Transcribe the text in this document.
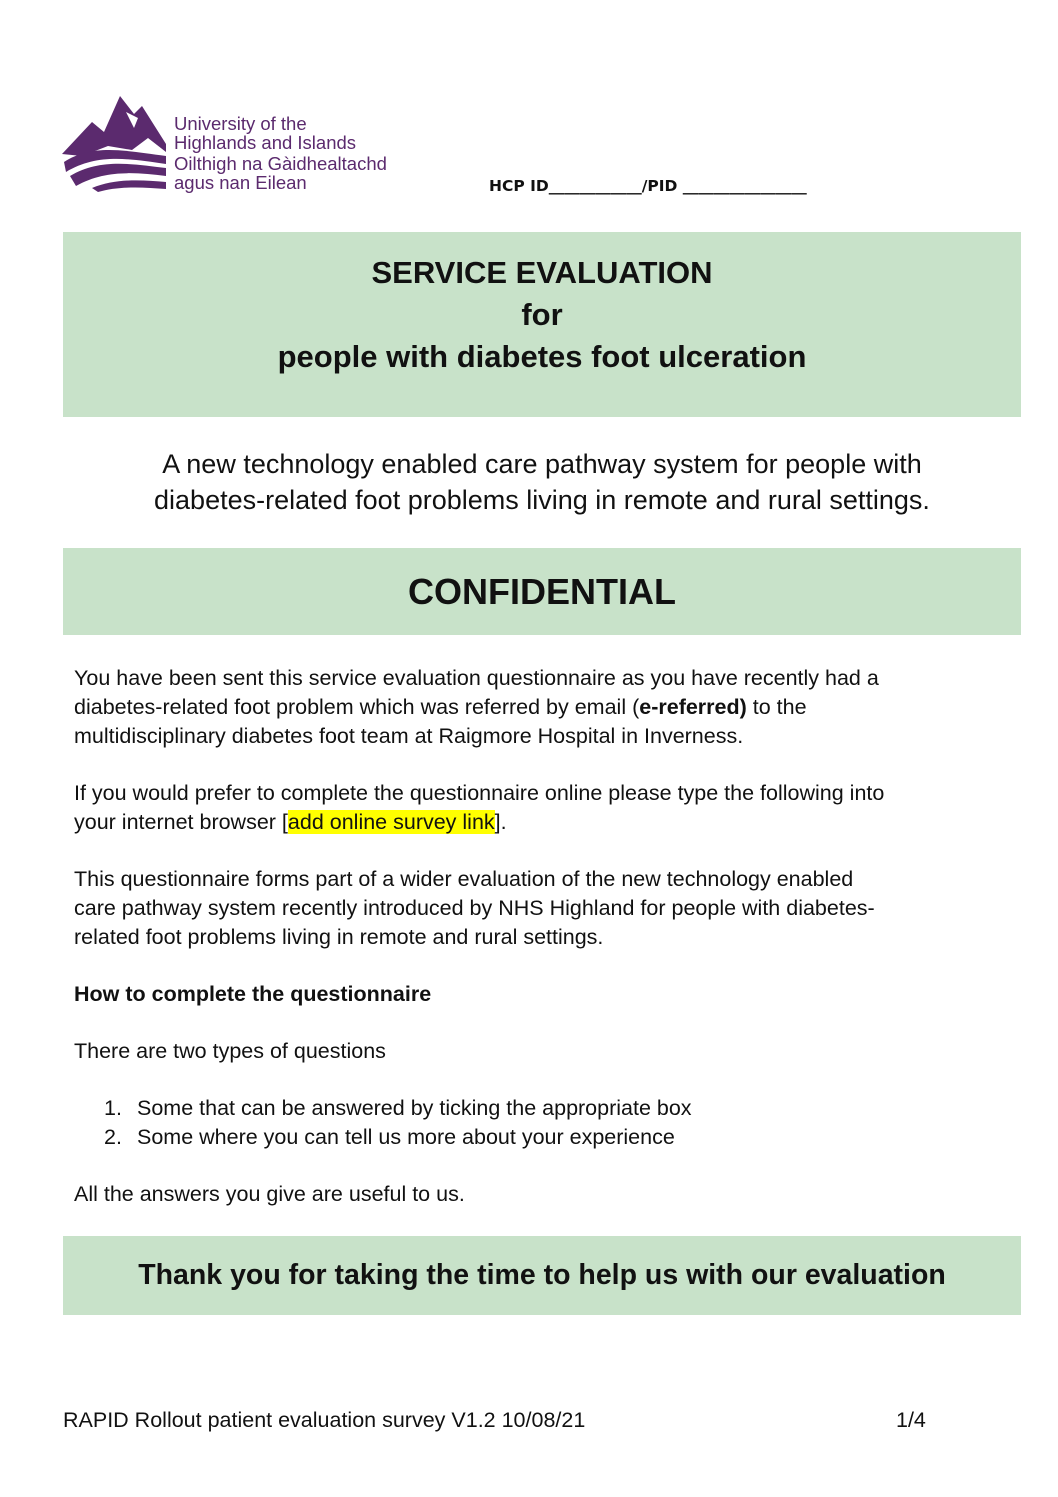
University of the
Highlands and Islands
Oilthigh na Gàidhealtachd
agus nan Eilean	HCP ID____________/PID ________________
SERVICE EVALUATION
for
people with diabetes foot ulceration
A new technology enabled care pathway system for people with
diabetes-related foot problems living in remote and rural settings.
CONFIDENTIAL
You have been sent this service evaluation questionnaire as you have recently had a
diabetes-related foot problem which was referred by email (e-referred) to the
multidisciplinary diabetes foot team at Raigmore Hospital in Inverness.
If you would prefer to complete the questionnaire online please type the following into
your internet browser [add online survey link].
This questionnaire forms part of a wider evaluation of the new technology enabled
care pathway system recently introduced by NHS Highland for people with diabetes-
related foot problems living in remote and rural settings.
How to complete the questionnaire
There are two types of questions
1. Some that can be answered by ticking the appropriate box
2. Some where you can tell us more about your experience
All the answers you give are useful to us.
Thank you for taking the time to help us with our evaluation
RAPID Rollout patient evaluation survey V1.2 10/08/21	1/4
